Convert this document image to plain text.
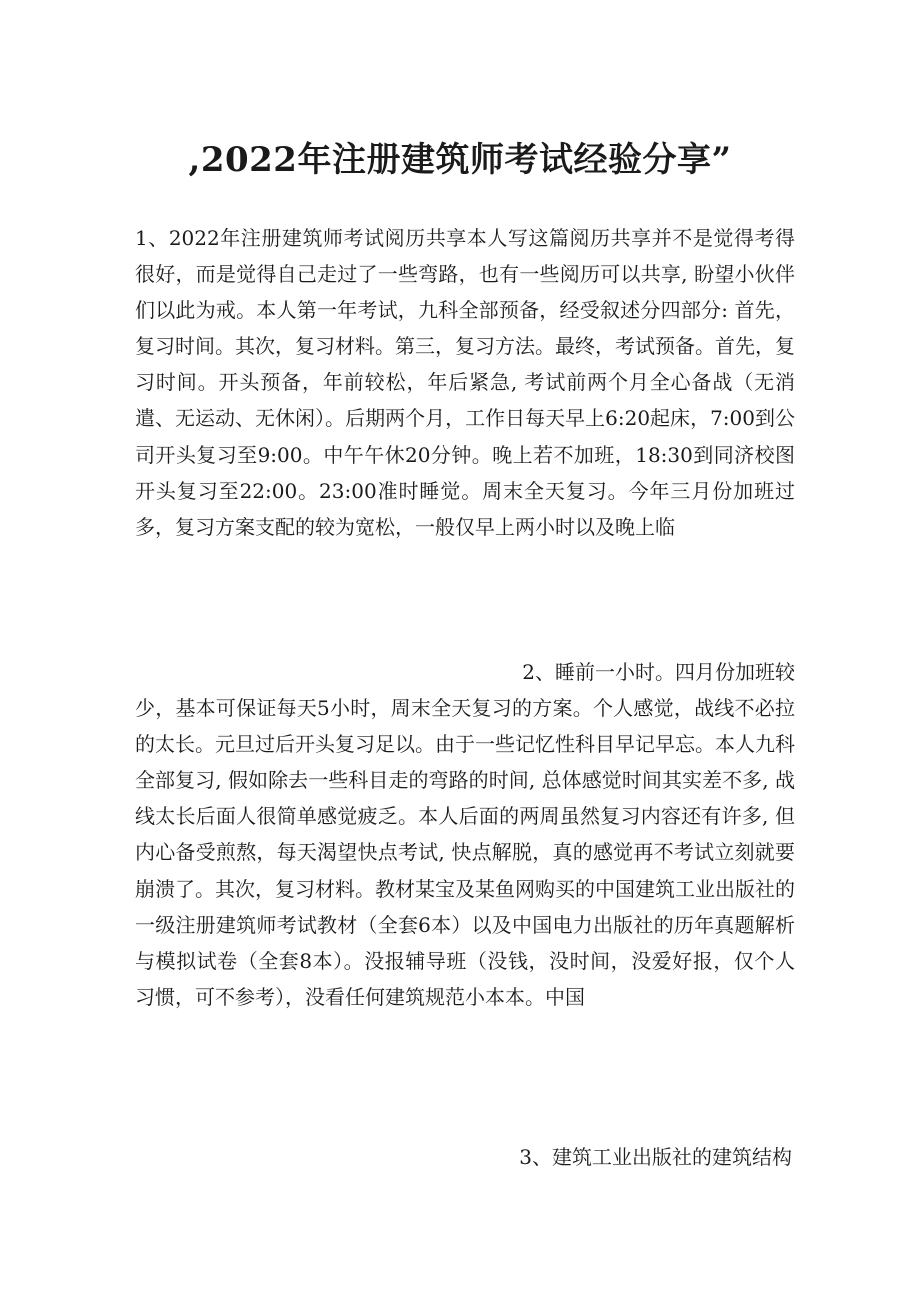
,2022年注册建筑师考试经验分享”
1、2022年注册建筑师考试阅历共享本人写这篇阅历共享并不是觉得考得很好，而是觉得自己走过了一些弯路，也有一些阅历可以共享, 盼望小伙伴们以此为戒。本人第一年考试，九科全部预备，经受叙述分四部分: 首先，复习时间。其次，复习材料。第三，复习方法。最终，考试预备。首先，复习时间。开头预备，年前较松，年后紧急, 考试前两个月全心备战（无消遣、无运动、无休闲）。后期两个月，工作日每天早上6:20起床，7:00到公司开头复习至9:00。中午午休20分钟。晚上若不加班，18:30到同济校图开头复习至22:00。23:00准时睡觉。周末全天复习。今年三月份加班过多，复习方案支配的较为宽松，一般仅早上两小时以及晚上临
2、睡前一小时。四月份加班较
少，基本可保证每天5小时，周末全天复习的方案。个人感觉，战线不必拉的太长。元旦过后开头复习足以。由于一些记忆性科目早记早忘。本人九科全部复习, 假如除去一些科目走的弯路的时间, 总体感觉时间其实差不多, 战线太长后面人很简单感觉疲乏。本人后面的两周虽然复习内容还有许多, 但内心备受煎熬，每天渴望快点考试, 快点解脱，真的感觉再不考试立刻就要崩溃了。其次，复习材料。教材某宝及某鱼网购买的中国建筑工业出版社的一级注册建筑师考试教材（全套6本）以及中国电力出版社的历年真题解析与模拟试卷（全套8本）。没报辅导班（没钱，没时间，没爱好报，仅个人习惯，可不参考），没看任何建筑规范小本本。中国
3、建筑工业出版社的建筑结构
